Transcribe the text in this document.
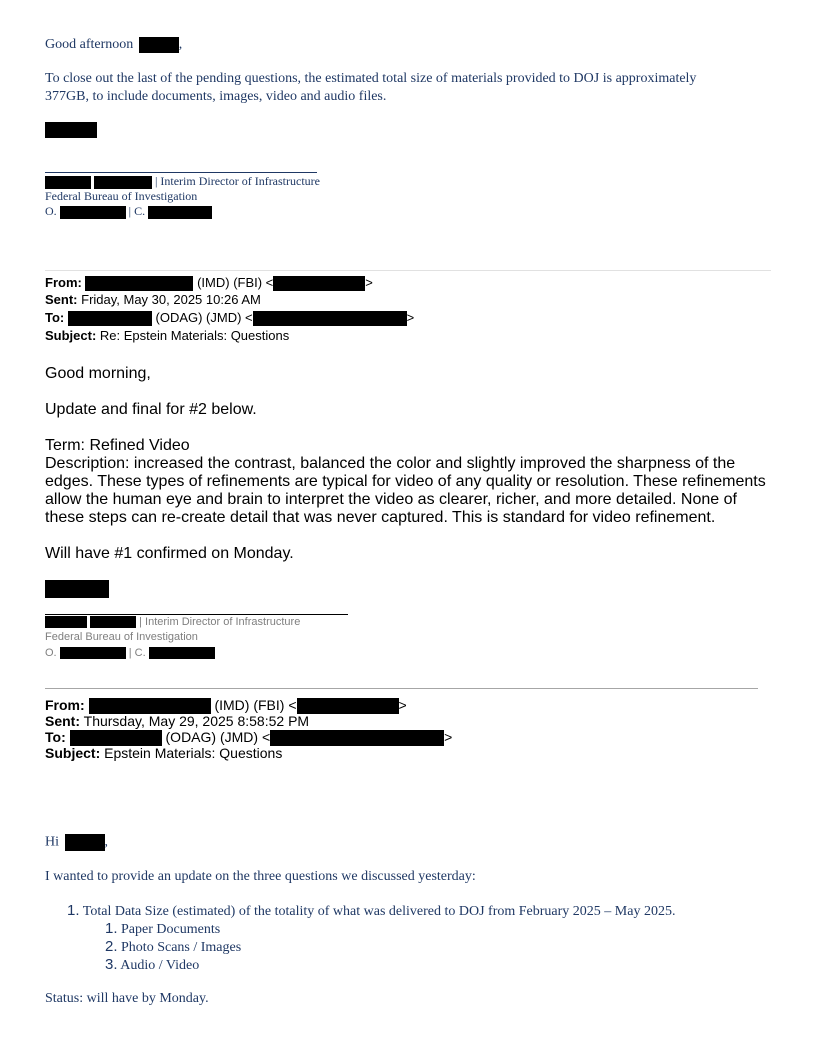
Good afternoon	,
To close out the last of the pending questions, the estimated total size of materials provided to DOJ is approximately
377GB, to include documents, images, video and audio files.
| Interim Director of Infrastructure
Federal Bureau of Investigation
O.	| C.
From:	(IMD) (FBI) <	>
Sent: Friday, May 30, 2025 10:26 AM
To:	(ODAG) (JMD) <	>
Subject: Re: Epstein Materials: Questions
Good morning,
Update and final for #2 below.
Term: Refined Video
Description: increased the contrast, balanced the color and slightly improved the sharpness of the
edges. These types of refinements are typical for video of any quality or resolution. These refinements
allow the human eye and brain to interpret the video as clearer, richer, and more detailed. None of
these steps can re-create detail that was never captured. This is standard for video refinement.
Will have #1 confirmed on Monday.
| Interim Director of Infrastructure
Federal Bureau of Investigation
O.	| C.
From:	(IMD) (FBI) <	>
Sent: Thursday, May 29, 2025 8:58:52 PM
To:	(ODAG) (JMD) <	>
Subject: Epstein Materials: Questions
Hi	,
I wanted to provide an update on the three questions we discussed yesterday:
1. Total Data Size (estimated) of the totality of what was delivered to DOJ from February 2025 – May 2025.
1. Paper Documents
2. Photo Scans / Images
3. Audio / Video
Status: will have by Monday.
